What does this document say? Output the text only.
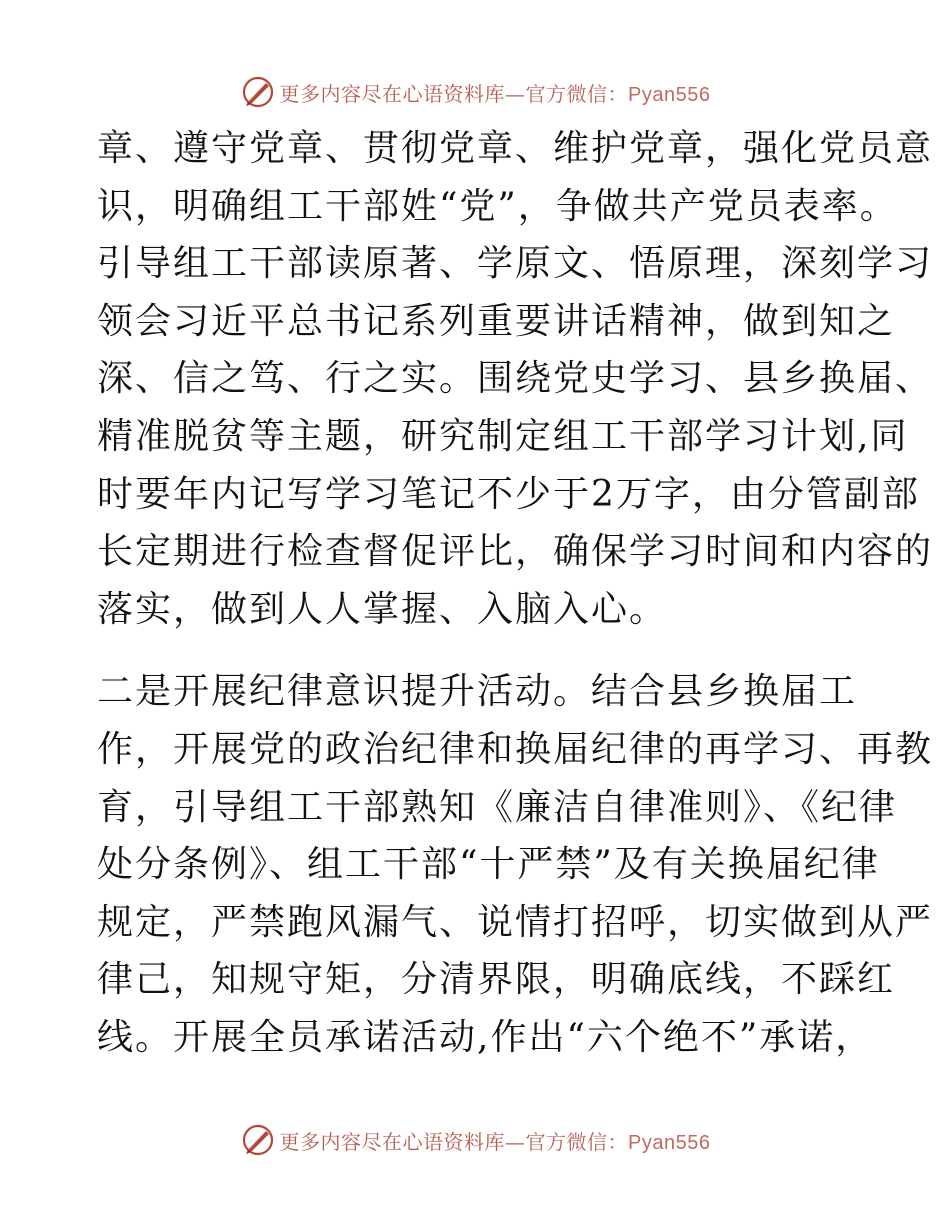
更多内容尽在心语资料库—官方微信：Pyan556
章、遵守党章、贯彻党章、维护党章，强化党员意
识，明确组工干部姓“党”，争做共产党员表率。
引导组工干部读原著、学原文、悟原理，深刻学习
领会习近平总书记系列重要讲话精神，做到知之
深、信之笃、行之实。围绕党史学习、县乡换届、
精准脱贫等主题，研究制定组工干部学习计划,同
时要年内记写学习笔记不少于2万字，由分管副部
长定期进行检查督促评比，确保学习时间和内容的
落实，做到人人掌握、入脑入心。
二是开展纪律意识提升活动。结合县乡换届工
作，开展党的政治纪律和换届纪律的再学习、再教
育，引导组工干部熟知《廉洁自律准则》、《纪律
处分条例》、组工干部“十严禁”及有关换届纪律
规定，严禁跑风漏气、说情打招呼，切实做到从严
律己，知规守矩，分清界限，明确底线，不踩红
线。开展全员承诺活动,作出“六个绝不”承诺，
更多内容尽在心语资料库—官方微信：Pyan556
